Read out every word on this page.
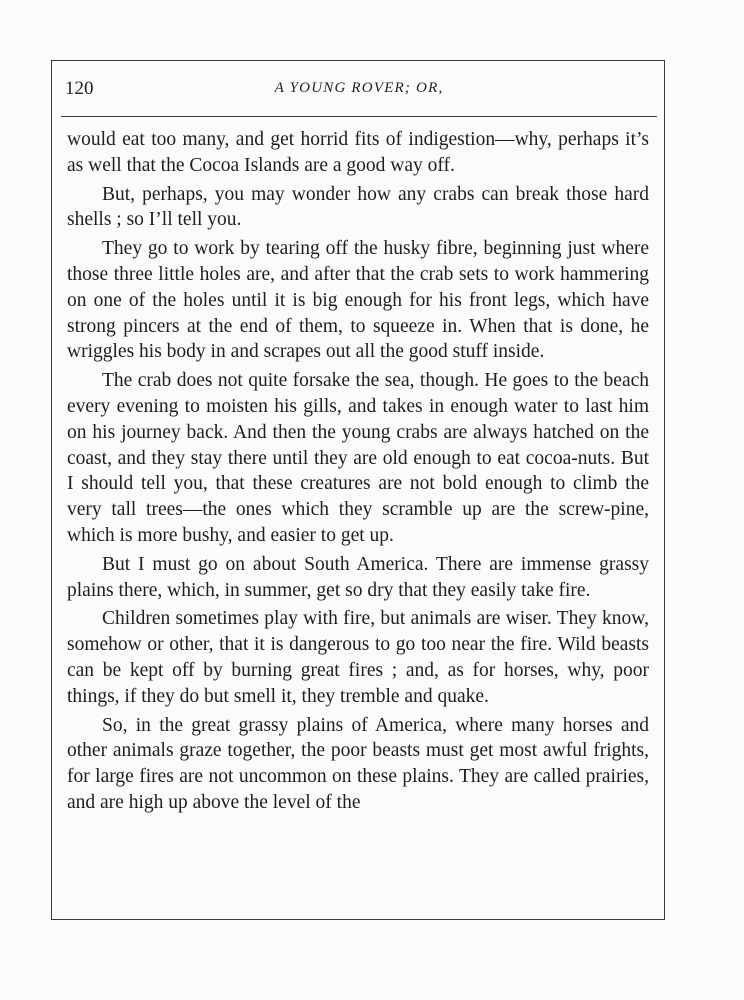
120	A YOUNG ROVER; OR,

would eat too many, and get horrid fits of indigestion—why, perhaps it’s as well that the Cocoa Islands are a good way off.

But, perhaps, you may wonder how any crabs can break those hard shells ; so I’ll tell you.

They go to work by tearing off the husky fibre, beginning just where those three little holes are, and after that the crab sets to work hammering on one of the holes until it is big enough for his front legs, which have strong pincers at the end of them, to squeeze in. When that is done, he wriggles his body in and scrapes out all the good stuff inside.

The crab does not quite forsake the sea, though. He goes to the beach every evening to moisten his gills, and takes in enough water to last him on his journey back. And then the young crabs are always hatched on the coast, and they stay there until they are old enough to eat cocoa-nuts. But I should tell you, that these creatures are not bold enough to climb the very tall trees—the ones which they scramble up are the screw-pine, which is more bushy, and easier to get up.

But I must go on about South America. There are immense grassy plains there, which, in summer, get so dry that they easily take fire.

Children sometimes play with fire, but animals are wiser. They know, somehow or other, that it is dangerous to go too near the fire. Wild beasts can be kept off by burning great fires ; and, as for horses, why, poor things, if they do but smell it, they tremble and quake.

So, in the great grassy plains of America, where many horses and other animals graze together, the poor beasts must get most awful frights, for large fires are not uncommon on these plains. They are called prairies, and are high up above the level of the
